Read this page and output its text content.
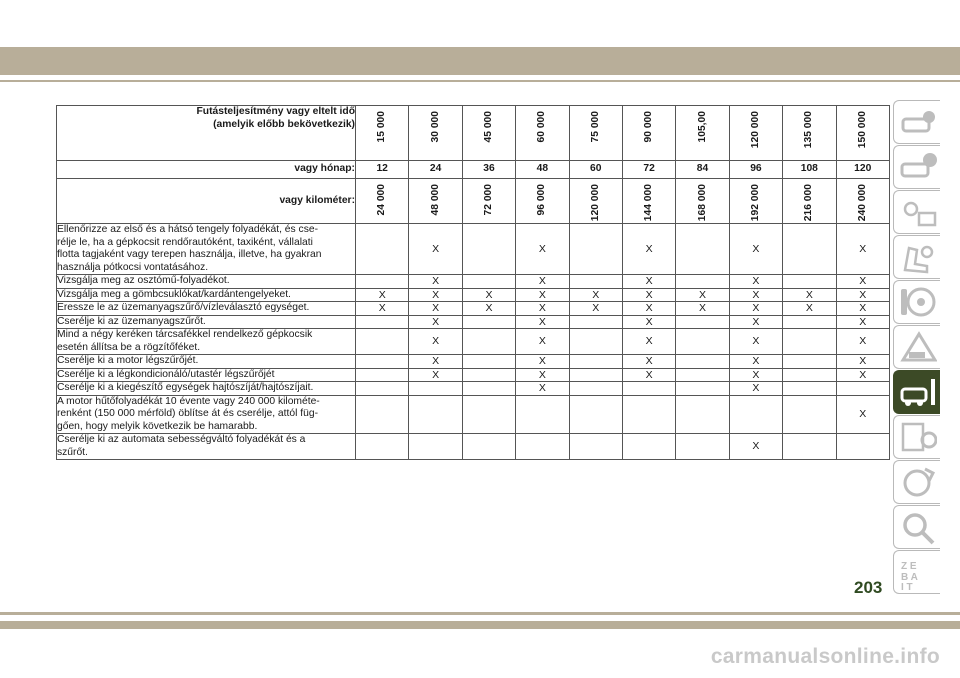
Futásteljesítmény vagy eltelt idő
(amelyik előbb bekövetkezik)	15 000	30 000	45 000	60 000	75 000	90 000	105,00	120 000	135 000	150 000

vagy hónap:	12	24	36	48	60	72	84	96	108	120
vagy kilométer:	24 000	48 000	72 000	96 000	120 000	144 000	168 000	192 000	216 000	240 000

Ellenőrizze az első és a hátsó tengely folyadékát, és cse-
rélje le, ha a gépkocsit rendőrautóként, taxiként, vállalati
flotta tagjaként vagy terepen használja, illetve, ha gyakran
használja pótkocsi vontatásához.		X		X		X		X		X
Vizsgálja meg az osztómű-folyadékot.		X		X		X		X		X
Vizsgálja meg a gömbcsuklókat/kardántengelyeket.	X	X	X	X	X	X	X	X	X	X
Eressze le az üzemanyagszűrő/vízleválasztó egységet.	X	X	X	X	X	X	X	X	X	X
Cserélje ki az üzemanyagszűrőt.		X		X		X		X		X
Mind a négy keréken tárcsafékkel rendelkező gépkocsik
esetén állítsa be a rögzítőféket.		X		X		X		X		X
Cserélje ki a motor légszűrőjét.		X		X		X		X		X
Cserélje ki a légkondicionáló/utastér légszűrőjét		X		X		X		X		X
Cserélje ki a kiegészítő egységek hajtószíját/hajtószíjait.				X				X		
A motor hűtőfolyadékát 10 évente vagy 240 000 kilométe-
renként (150 000 mérföld) öblítse át és cserélje, attól füg-
gően, hogy melyik következik be hamarabb.										X
Cserélje ki az automata sebességváltó folyadékát és a
szűrőt.								X		
Z E
B A
I T
203
carmanualsonline.info
